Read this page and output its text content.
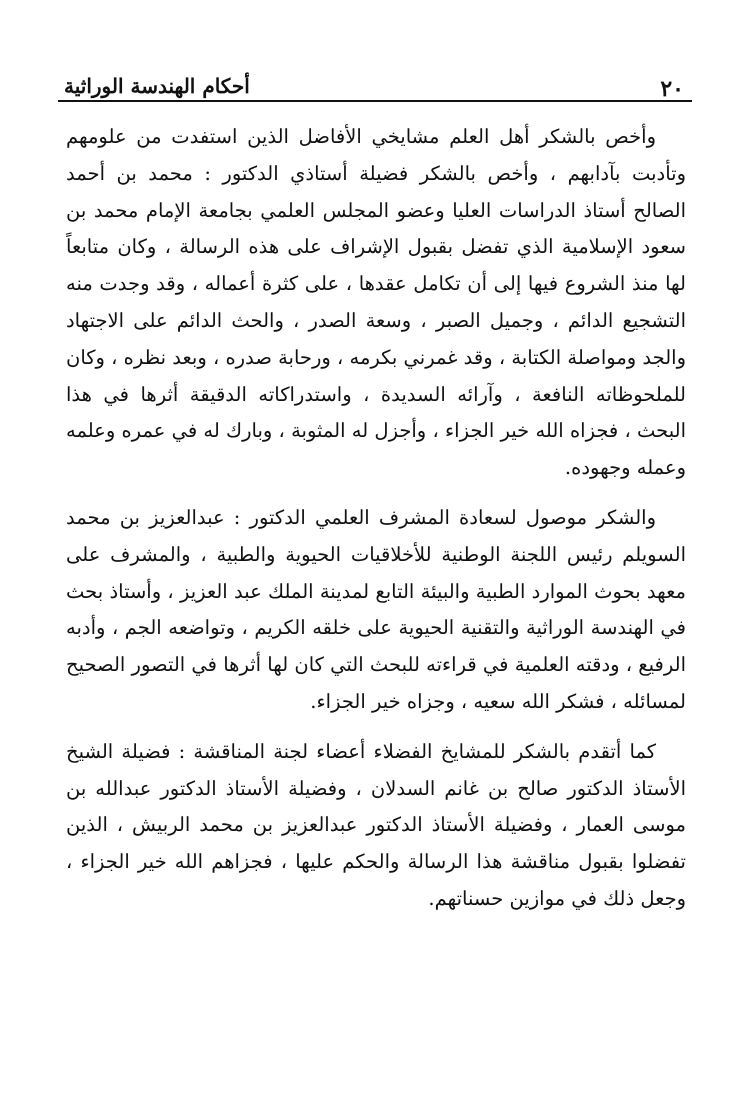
٢٠
أحكام الهندسة الوراثية

وأخص بالشكر أهل العلم مشايخي الأفاضل الذين استفدت من علومهم وتأدبت بآدابهم ، وأخص بالشكر فضيلة أستاذي الدكتور : محمد بن أحمد الصالح أستاذ الدراسات العليا وعضو المجلس العلمي بجامعة الإمام محمد بن سعود الإسلامية الذي تفضل بقبول الإشراف على هذه الرسالة ، وكان متابعاً لها منذ الشروع فيها إلى أن تكامل عقدها ، على كثرة أعماله ، وقد وجدت منه التشجيع الدائم ، وجميل الصبر ، وسعة الصدر ، والحث الدائم على الاجتهاد والجد ومواصلة الكتابة ، وقد غمرني بكرمه ، ورحابة صدره ، وبعد نظره ، وكان للملحوظاته النافعة ، وآرائه السديدة ، واستدراكاته الدقيقة أثرها في هذا البحث ، فجزاه الله خير الجزاء ، وأجزل له المثوبة ، وبارك له في عمره وعلمه وعمله وجهوده.

والشكر موصول لسعادة المشرف العلمي الدكتور : عبدالعزيز بن محمد السويلم رئيس اللجنة الوطنية للأخلاقيات الحيوية والطبية ، والمشرف على معهد بحوث الموارد الطبية والبيئة التابع لمدينة الملك عبد العزيز ، وأستاذ بحث في الهندسة الوراثية والتقنية الحيوية على خلقه الكريم ، وتواضعه الجم ، وأدبه الرفيع ، ودقته العلمية في قراءته للبحث التي كان لها أثرها في التصور الصحيح لمسائله ، فشكر الله سعيه ، وجزاه خير الجزاء.

كما أتقدم بالشكر للمشايخ الفضلاء أعضاء لجنة المناقشة : فضيلة الشيخ الأستاذ الدكتور صالح بن غانم السدلان ، وفضيلة الأستاذ الدكتور عبدالله بن موسى العمار ، وفضيلة الأستاذ الدكتور عبدالعزيز بن محمد الربيش ، الذين تفضلوا بقبول مناقشة هذا الرسالة والحكم عليها ، فجزاهم الله خير الجزاء ، وجعل ذلك في موازين حسناتهم.
